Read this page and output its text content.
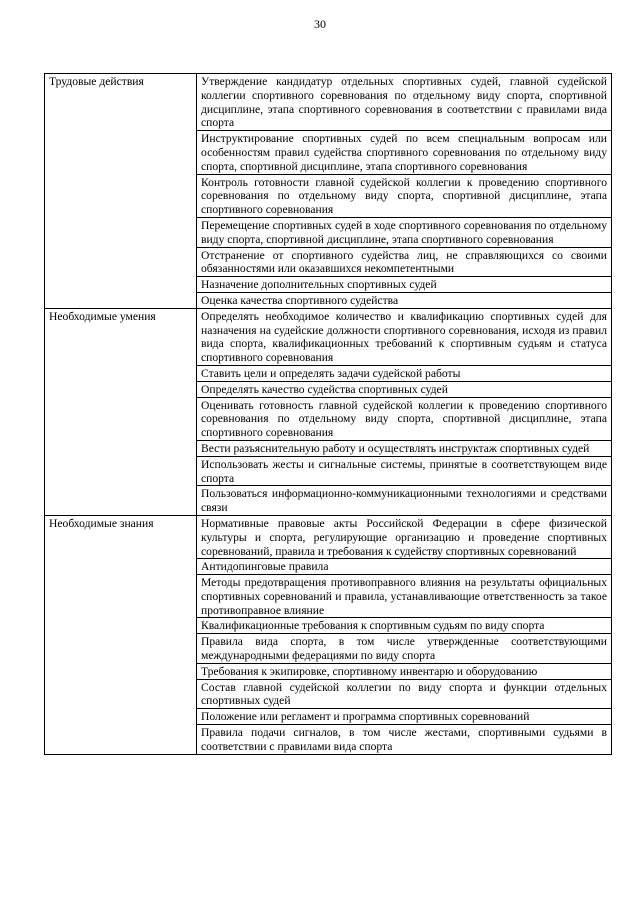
30
Трудовые действия	Утверждение кандидатур отдельных спортивных судей, главной судейской коллегии спортивного соревнования по отдельному виду спорта, спортивной дисциплине, этапа спортивного соревнования в соответствии с правилами вида спорта
	Инструктирование спортивных судей по всем специальным вопросам или особенностям правил судейства спортивного соревнования по отдельному виду спорта, спортивной дисциплине, этапа спортивного соревнования
	Контроль готовности главной судейской коллегии к проведению спортивного соревнования по отдельному виду спорта, спортивной дисциплине, этапа спортивного соревнования
	Перемещение спортивных судей в ходе спортивного соревнования по отдельному виду спорта, спортивной дисциплине, этапа спортивного соревнования
	Отстранение от спортивного судейства лиц, не справляющихся со своими обязанностями или оказавшихся некомпетентными
	Назначение дополнительных спортивных судей
	Оценка качества спортивного судейства
Необходимые умения	Определять необходимое количество и квалификацию спортивных судей для назначения на судейские должности спортивного соревнования, исходя из правил вида спорта, квалификационных требований к спортивным судьям и статуса спортивного соревнования
	Ставить цели и определять задачи судейской работы
	Определять качество судейства спортивных судей
	Оценивать готовность главной судейской коллегии к проведению спортивного соревнования по отдельному виду спорта, спортивной дисциплине, этапа спортивного соревнования
	Вести разъяснительную работу и осуществлять инструктаж спортивных судей
	Использовать жесты и сигнальные системы, принятые в соответствующем виде спорта
	Пользоваться информационно-коммуникационными технологиями и средствами связи
Необходимые знания	Нормативные правовые акты Российской Федерации в сфере физической культуры и спорта, регулирующие организацию и проведение спортивных соревнований, правила и требования к судейству спортивных соревнований
	Антидопинговые правила
	Методы предотвращения противоправного влияния на результаты официальных спортивных соревнований и правила, устанавливающие ответственность за такое противоправное влияние
	Квалификационные требования к спортивным судьям по виду спорта
	Правила вида спорта, в том числе утвержденные соответствующими международными федерациями по виду спорта
	Требования к экипировке, спортивному инвентарю и оборудованию
	Состав главной судейской коллегии по виду спорта и функции отдельных спортивных судей
	Положение или регламент и программа спортивных соревнований
	Правила подачи сигналов, в том числе жестами, спортивными судьями в соответствии с правилами вида спорта
